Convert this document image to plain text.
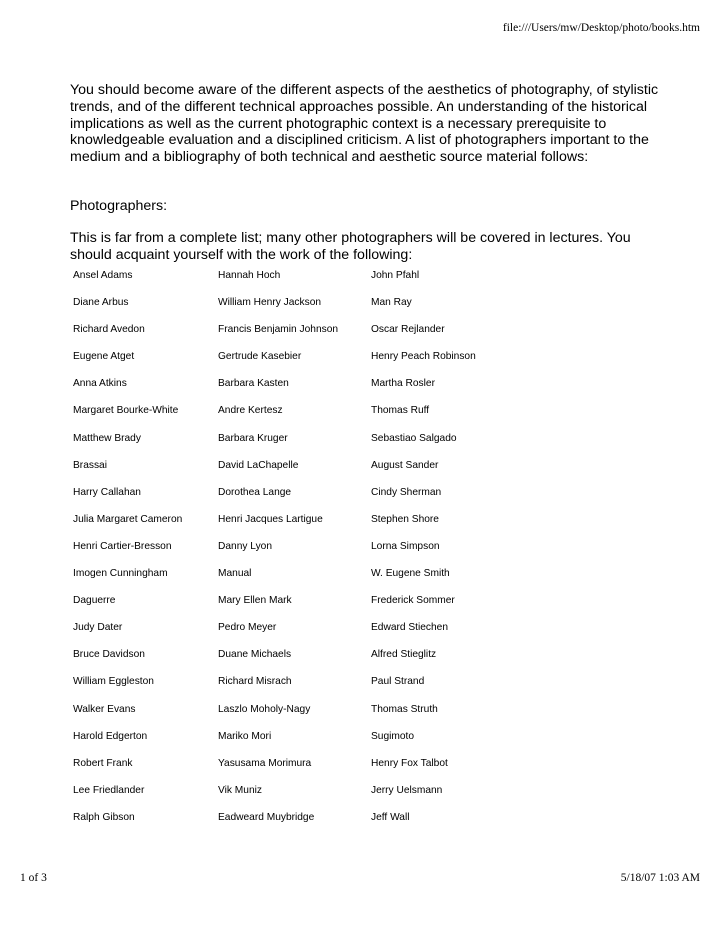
file:///Users/mw/Desktop/photo/books.htm

You should become aware of the different aspects of the aesthetics of photography, of stylistic trends, and of the different technical approaches possible. An understanding of the historical implications as well as the current photographic context is a necessary prerequisite to knowledgeable evaluation and a disciplined criticism. A list of photographers important to the medium and a bibliography of both technical and aesthetic source material follows:

Photographers:

This is far from a complete list; many other photographers will be covered in lectures. You should acquaint yourself with the work of the following:

Ansel Adams	Hannah Hoch	John Pfahl
Diane Arbus	William Henry Jackson	Man Ray
Richard Avedon	Francis Benjamin Johnson	Oscar Rejlander
Eugene Atget	Gertrude Kasebier	Henry Peach Robinson
Anna Atkins	Barbara Kasten	Martha Rosler
Margaret Bourke-White	Andre Kertesz	Thomas Ruff
Matthew Brady	Barbara Kruger	Sebastiao Salgado
Brassai	David LaChapelle	August Sander
Harry Callahan	Dorothea Lange	Cindy Sherman
Julia Margaret Cameron	Henri Jacques Lartigue	Stephen Shore
Henri Cartier-Bresson	Danny Lyon	Lorna Simpson
Imogen Cunningham	Manual	W. Eugene Smith
Daguerre	Mary Ellen Mark	Frederick Sommer
Judy Dater	Pedro Meyer	Edward Stiechen
Bruce Davidson	Duane Michaels	Alfred Stieglitz
William Eggleston	Richard Misrach	Paul Strand
Walker Evans	Laszlo Moholy-Nagy	Thomas Struth
Harold Edgerton	Mariko Mori	Sugimoto
Robert Frank	Yasusama Morimura	Henry Fox Talbot
Lee Friedlander	Vik Muniz	Jerry Uelsmann
Ralph Gibson	Eadweard Muybridge	Jeff Wall
1 of 3	5/18/07 1:03 AM
